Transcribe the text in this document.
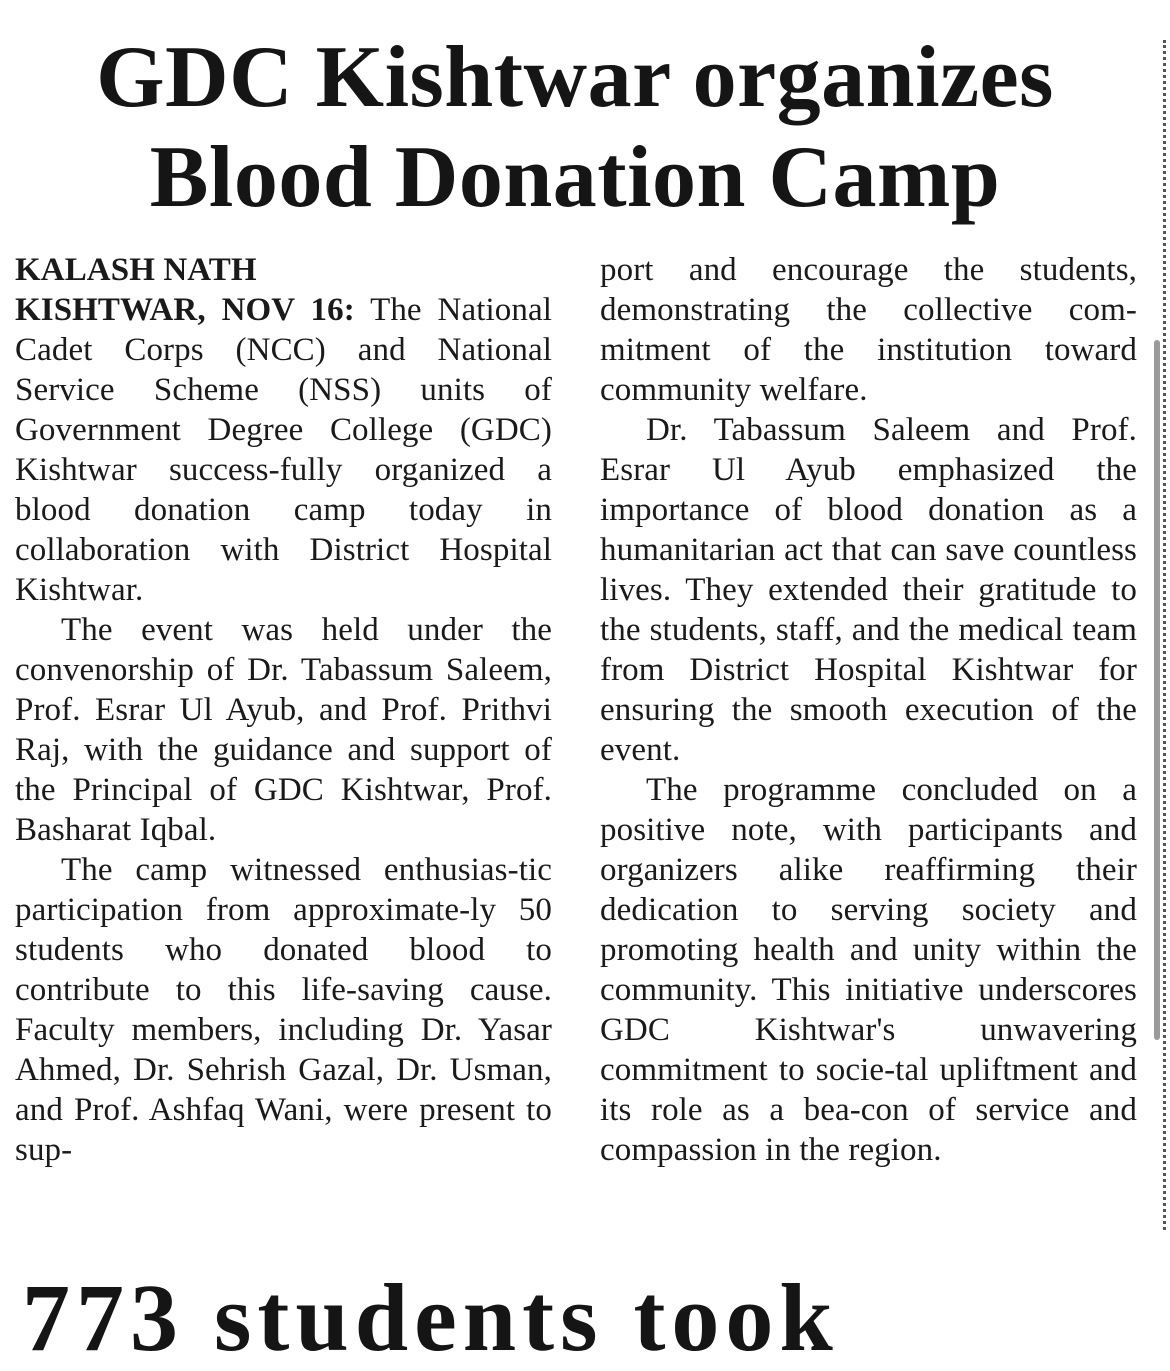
GDC Kishtwar organizes
Blood Donation Camp
KALASH NATH

KISHTWAR, NOV 16: The National Cadet Corps (NCC) and National Service Scheme (NSS) units of Government Degree College (GDC) Kishtwar success-fully organized a blood donation camp today in collaboration with District Hospital Kishtwar.

The event was held under the convenorship of Dr. Tabassum Saleem, Prof. Esrar Ul Ayub, and Prof. Prithvi Raj, with the guidance and support of the Principal of GDC Kishtwar, Prof. Basharat Iqbal.

The camp witnessed enthusias-tic participation from approximate-ly 50 students who donated blood to contribute to this life-saving cause. Faculty members, including Dr. Yasar Ahmed, Dr. Sehrish Gazal, Dr. Usman, and Prof. Ashfaq Wani, were present to sup-

port and encourage the students, demonstrating the collective com-mitment of the institution toward community welfare.

Dr. Tabassum Saleem and Prof. Esrar Ul Ayub emphasized the importance of blood donation as a humanitarian act that can save countless lives. They extended their gratitude to the students, staff, and the medical team from District Hospital Kishtwar for ensuring the smooth execution of the event.

The programme concluded on a positive note, with participants and organizers alike reaffirming their dedication to serving society and promoting health and unity within the community. This initiative underscores GDC Kishtwar's unwavering commitment to socie-tal upliftment and its role as a bea-con of service and compassion in the region.

773 students took
